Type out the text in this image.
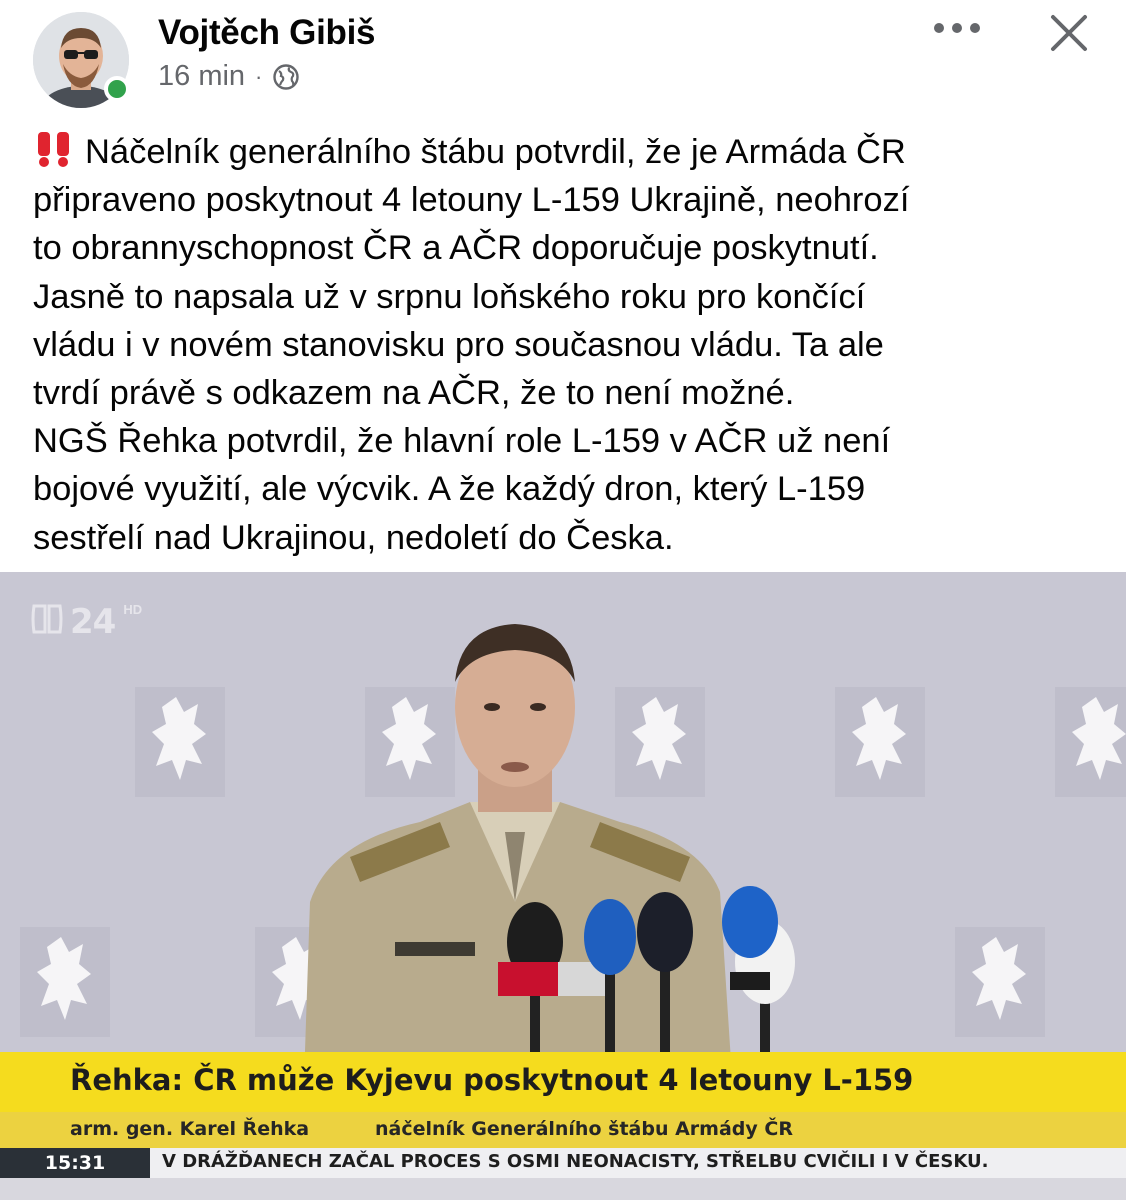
Vojtěch Gibiš
16 min ·
Náčelník generálního štábu potvrdil, že je Armáda ČR
připraveno poskytnout 4 letouny L-159 Ukrajině, neohrozí
to obrannyschopnost ČR a AČR doporučuje poskytnutí.
Jasně to napsala už v srpnu loňského roku pro končící
vládu i v novém stanovisku pro současnou vládu. Ta ale
tvrdí právě s odkazem na AČR, že to není možné.
NGŠ Řehka potvrdil, že hlavní role L-159 v AČR už není
bojové využití, ale výcvik. A že každý dron, který L-159
sestřelí nad Ukrajinou, nedoletí do Česka.
24 HD
Řehka: ČR může Kyjevu poskytnout 4 letouny L-159
arm. gen. Karel Řehka	náčelník Generálního štábu Armády ČR
15:31	V DRÁŽĎANECH ZAČAL PROCES S OSMI NEONACISTY, STŘELBU CVIČILI I V ČESKU.
